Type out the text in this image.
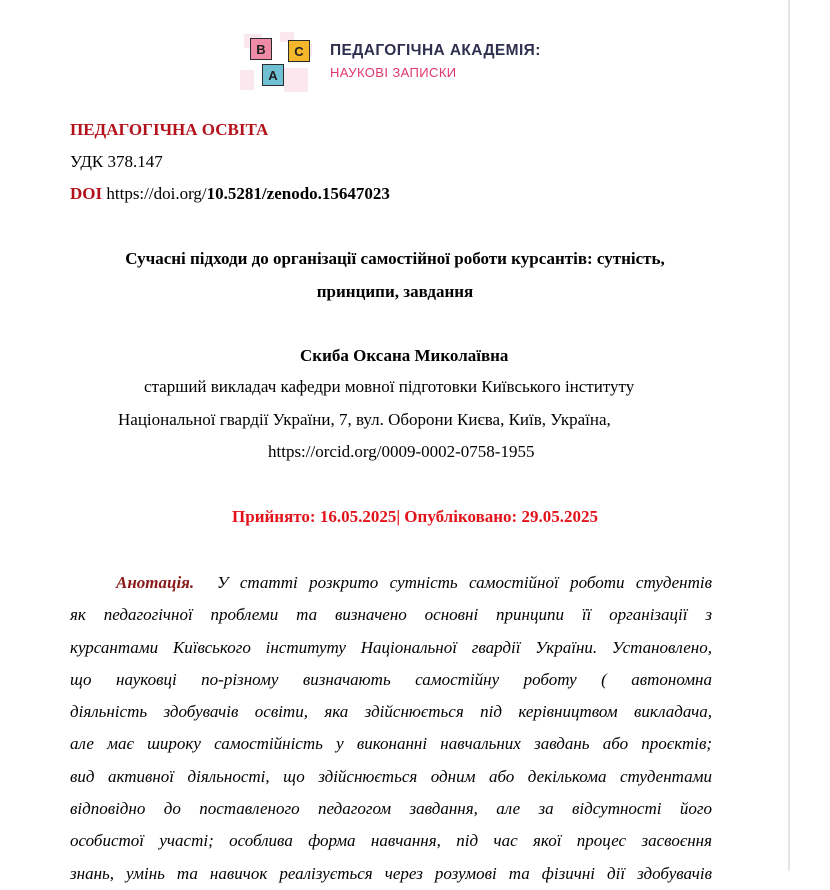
B	C
A
ПЕДАГОГІЧНА АКАДЕМІЯ:
НАУКОВІ ЗАПИСКИ
ПЕДАГОГІЧНА ОСВІТА
УДК 378.147
DOI https://doi.org/10.5281/zenodo.15647023
Сучасні підходи до організації самостійної роботи курсантів: сутність,
принципи, завдання
Скиба Оксана Миколаївна
старший викладач кафедри мовної підготовки Київського інституту
Національної гвардії України, 7, вул. Оборони Києва, Київ, Україна,
https://orcid.org/0009-0002-0758-1955
Прийнято: 16.05.2025| Опубліковано: 29.05.2025
Анотація. У статті розкрито сутність самостійної роботи студентів
як педагогічної проблеми та визначено основні принципи її організації з
курсантами Київського інституту Національної гвардії України. Установлено,
що науковці по-різному визначають самостійну роботу ( автономна
діяльність здобувачів освіти, яка здійснюється під керівництвом викладача,
але має широку самостійність у виконанні навчальних завдань або проєктів;
вид активної діяльності, що здійснюється одним або декількома студентами
відповідно до поставленого педагогом завдання, але за відсутності його
особистої участі; особлива форма навчання, під час якої процес засвоєння
знань, умінь та навичок реалізується через розумові та фізичні дії здобувачів
